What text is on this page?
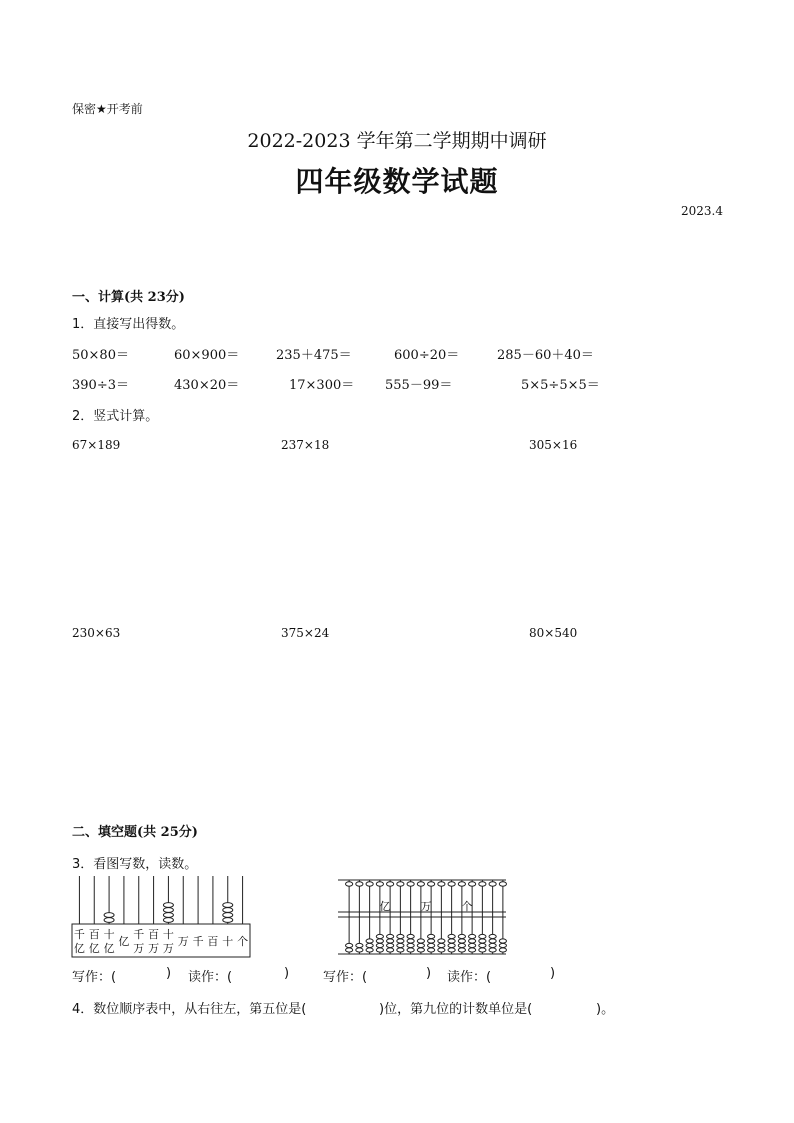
保密★开考前
2022-2023 学年第二学期期中调研
四年级数学试题
2023.4
一、计算(共 23分)
1．直接写出得数。
50×80＝	60×900＝	235＋475＝	600÷20＝	285－60＋40＝
390÷3＝	430×20＝	17×300＝ 555－99＝	5×5÷5×5＝
2．竖式计算。
67×189	237×18	305×16
230×63	375×24	80×540
二、填空题(共 25分)
3．看图写数，读数。
千
亿
百
亿
十
亿
亿
千
万
百
万
十
万
万 千 百 十 个
亿	万	个
写作：(	) 读作：(	)	写作：(	) 读作：(	)
4．数位顺序表中，从右往左，第五位是(	)位，第九位的计数单位是(	)。
